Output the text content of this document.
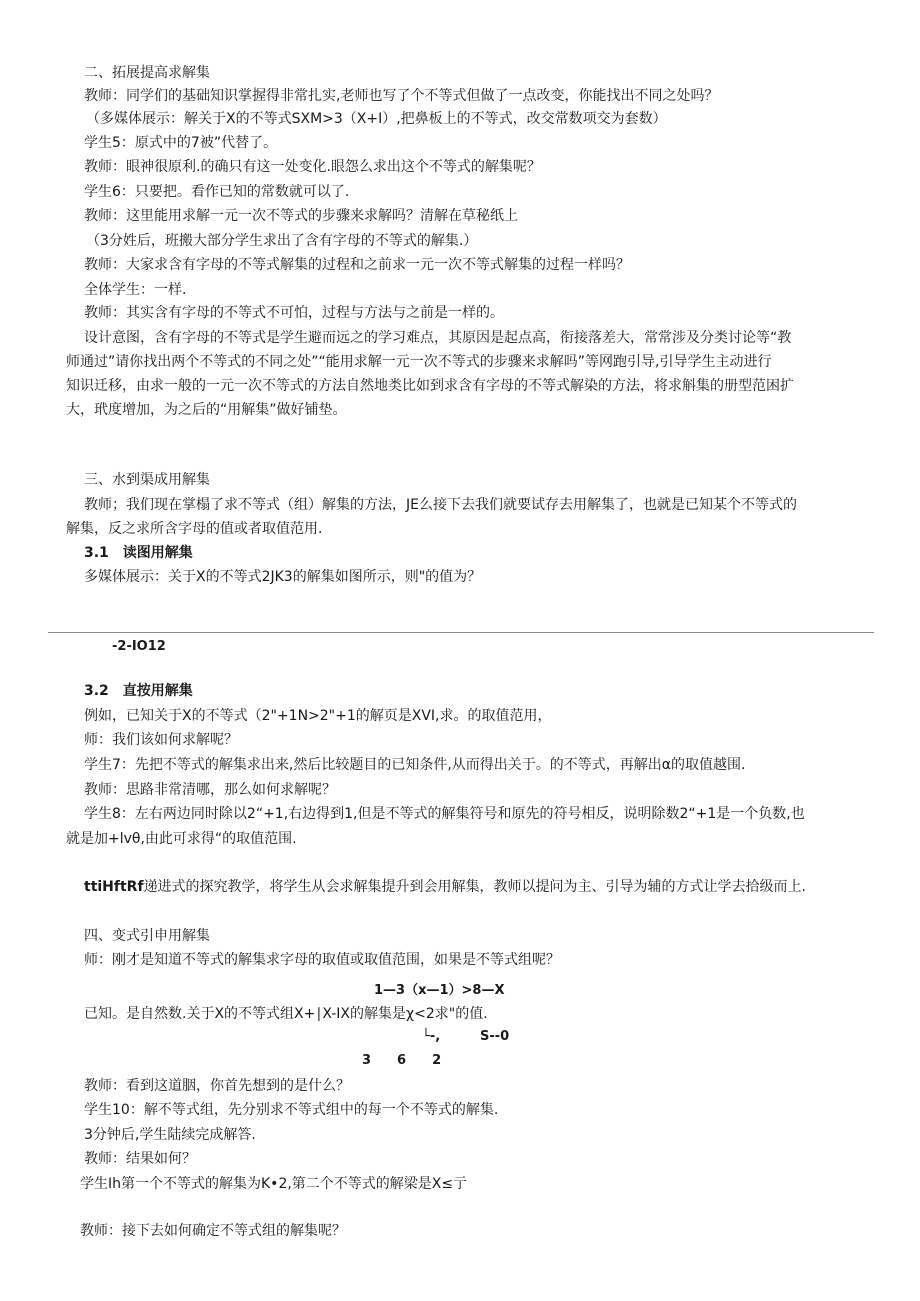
二、拓展提高求解集
教师：同学们的基础知识掌握得非常扎实,老师也写了个不等式但做了一点改变，你能找出不同之处吗？
（多媒体展示：解关于X的不等式SXM>3（X+I）,把鼻板上的不等式，改交常数项交为套数）
学生5：原式中的7被”代替了。
教师：眼神很原利.的确只有这一处变化.眼怨么求出这个不等式的解集呢？
学生6：只要把。看作已知的常数就可以了.
教师：这里能用求解一元一次不等式的步骤来求解吗？清解在草秘纸上
（3分姓后，班搬大部分学生求出了含有字母的不等式的解集.）
教师：大家求含有字母的不等式解集的过程和之前求一元一次不等式解集的过程一样吗？
全体学生：一样.
教师：其实含有字母的不等式不可怕，过程与方法与之前是一样的。
设计意图，含有字母的不等式是学生避而远之的学习难点，其原因是起点高，衔接落差大，常常涉及分类讨论等“教
师通过”请你找出两个不等式的不同之处”“能用求解一元一次不等式的步骤来求解吗”等网跑引导,引导学生主动进行
知识迁移，由求一般的一元一次不等式的方法自然地类比如到求含有字母的不等式解染的方法，将求斛集的册型范困扩
大，玳度增加，为之后的“用解集”做好铺垫。
三、水到渠成用解集
教师；我们现在掌榻了求不等式（组）解集的方法，JE么接下去我们就要试存去用解集了，也就是已知某个不等式的
解集，反之求所含字母的值或者取值范用.
3.1　读图用解集
多媒体展示：关于X的不等式2JK3的解集如图所示，则"的值为？
-2-IO12
3.2　直按用解集
例如，已知关于X的不等式（2"+1N>2"+1的解页是XVI,求。的取值范用，
师：我们该如何求解呢？
学生7：先把不等式的解集求出来,然后比较题目的已知条件,从而得出关于。的不等式，再解出α的取值越围.
教师：思路非常清哪，那么如何求解呢？
学生8：左右两边同时除以2“+1,右边得到1,但是不等式的解集符号和原先的符号相反，说明除数2“+1是一个负数,也
就是加+lvθ,由此可求得“的取值范围.
ttiHftRf递进式的探究教学，将学生从会求解集提升到会用解集，教师以提问为主、引导为辅的方式让学去拾级而上.
四、变式引申用解集
师：刚才是知道不等式的解集求字母的取值或取值范围，如果是不等式组呢？
1—3（x—1）>8—X
已知。是自然数.关于X的不等式组X+∣X-IX的解集是χ<2求"的值.
└-,	S--0
3　　6　　2
教师：看到这道胭，你首先想到的是什么？
学生10：解不等式组，先分别求不等式组中的每一个不等式的解集.
3分钟后,学生陆续完成解答.
教师：结果如何？
学生Ih第一个不等式的解集为K•2,第二个不等式的解梁是X≤亍
教师：接下去如何确定不等式组的解集呢？
